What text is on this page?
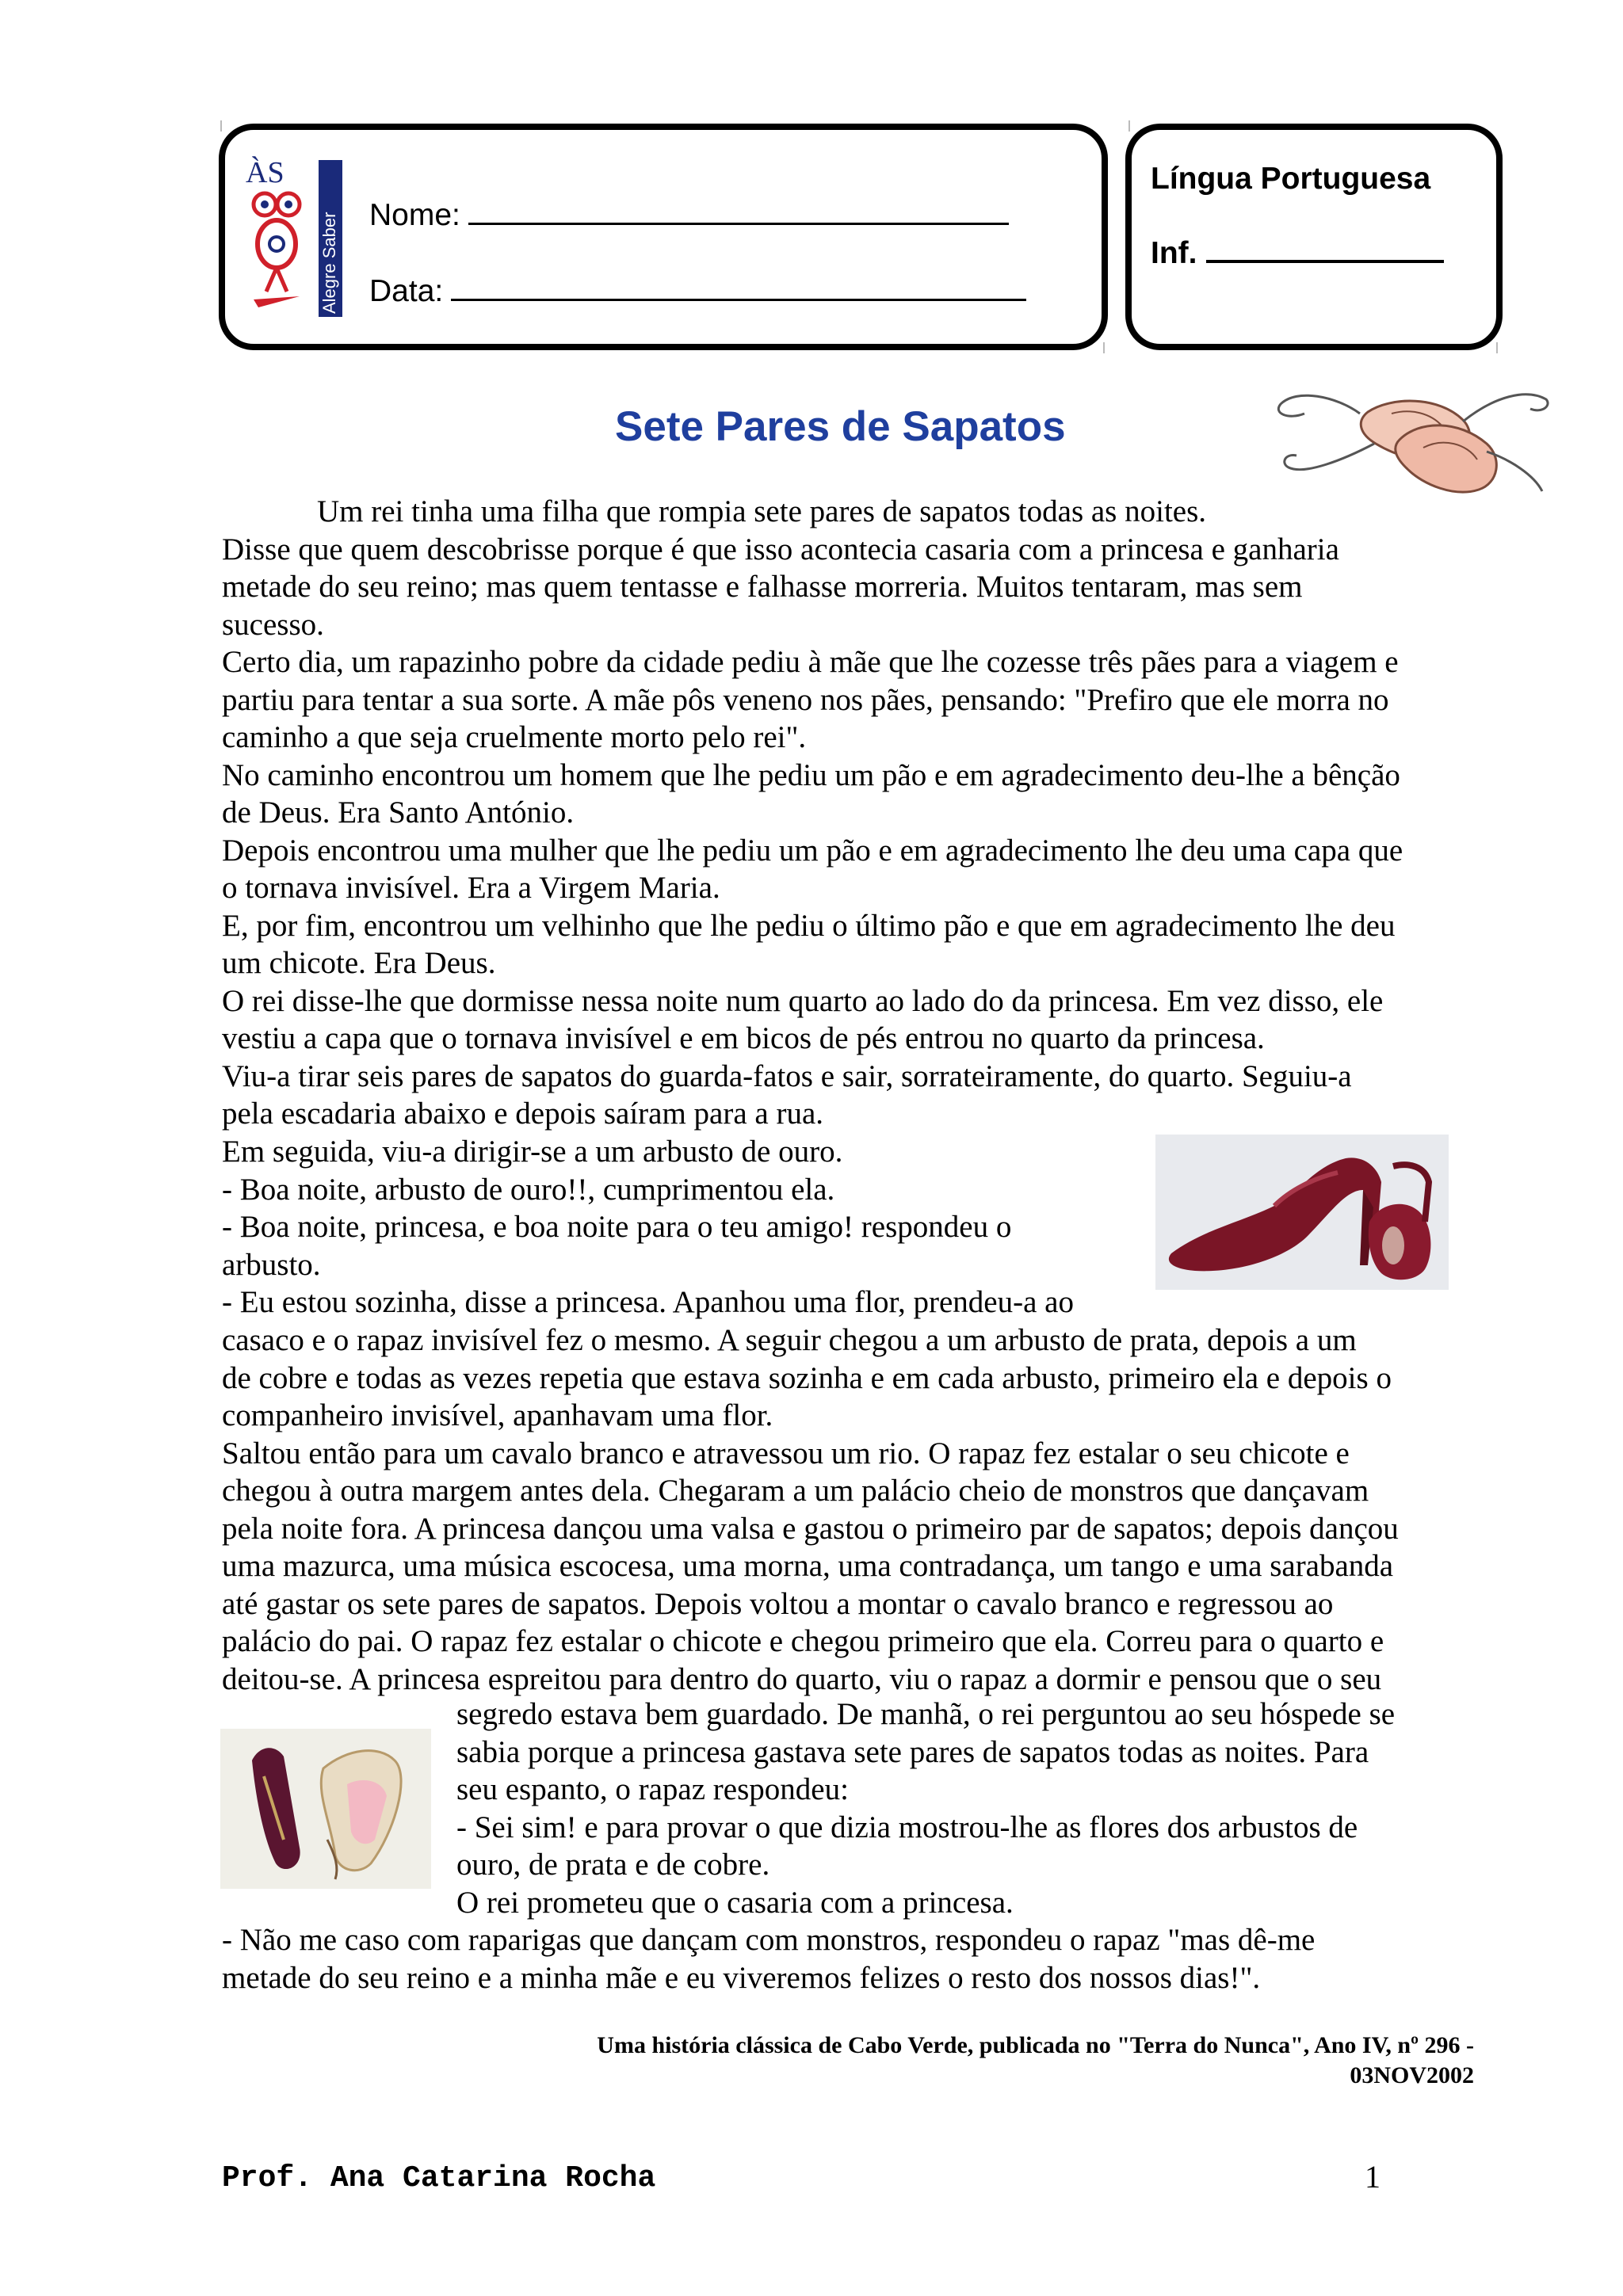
ÀS
Alegre Saber Nome:
Data:
Língua Portuguesa
Inf.
Sete Pares de Sapatos

Um rei tinha uma filha que rompia sete pares de sapatos todas as noites.

Disse que quem descobrisse porque é que isso acontecia casaria com a princesa e ganharia

metade do seu reino; mas quem tentasse e falhasse morreria. Muitos tentaram, mas sem

sucesso.

Certo dia, um rapazinho pobre da cidade pediu à mãe que lhe cozesse três pães para a viagem e

partiu para tentar a sua sorte. A mãe pôs veneno nos pães, pensando: "Prefiro que ele morra no

caminho a que seja cruelmente morto pelo rei".

No caminho encontrou um homem que lhe pediu um pão e em agradecimento deu-lhe a bênção

de Deus. Era Santo António.

Depois encontrou uma mulher que lhe pediu um pão e em agradecimento lhe deu uma capa que

o tornava invisível. Era a Virgem Maria.

E, por fim, encontrou um velhinho que lhe pediu o último pão e que em agradecimento lhe deu

um chicote. Era Deus.

O rei disse-lhe que dormisse nessa noite num quarto ao lado do da princesa. Em vez disso, ele

vestiu a capa que o tornava invisível e em bicos de pés entrou no quarto da princesa.

Viu-a tirar seis pares de sapatos do guarda-fatos e sair, sorrateiramente, do quarto. Seguiu-a

pela escadaria abaixo e depois saíram para a rua.

Em seguida, viu-a dirigir-se a um arbusto de ouro.

- Boa noite, arbusto de ouro!!, cumprimentou ela.

- Boa noite, princesa, e boa noite para o teu amigo! respondeu o

arbusto.

- Eu estou sozinha, disse a princesa. Apanhou uma flor, prendeu-a ao

casaco e o rapaz invisível fez o mesmo. A seguir chegou a um arbusto de prata, depois a um

de cobre e todas as vezes repetia que estava sozinha e em cada arbusto, primeiro ela e depois o

companheiro invisível, apanhavam uma flor.

Saltou então para um cavalo branco e atravessou um rio. O rapaz fez estalar o seu chicote e

chegou à outra margem antes dela. Chegaram a um palácio cheio de monstros que dançavam

pela noite fora. A princesa dançou uma valsa e gastou o primeiro par de sapatos; depois dançou

uma mazurca, uma música escocesa, uma morna, uma contradança, um tango e uma sarabanda

até gastar os sete pares de sapatos. Depois voltou a montar o cavalo branco e regressou ao

palácio do pai. O rapaz fez estalar o chicote e chegou primeiro que ela. Correu para o quarto e

deitou-se. A princesa espreitou para dentro do quarto, viu o rapaz a dormir e pensou que o seu

segredo estava bem guardado. De manhã, o rei perguntou ao seu hóspede se

sabia porque a princesa gastava sete pares de sapatos todas as noites. Para

seu espanto, o rapaz respondeu:

- Sei sim! e para provar o que dizia mostrou-lhe as flores dos arbustos de

ouro, de prata e de cobre.

O rei prometeu que o casaria com a princesa.

- Não me caso com raparigas que dançam com monstros, respondeu o rapaz "mas dê-me

metade do seu reino e a minha mãe e eu viveremos felizes o resto dos nossos dias!".

Uma história clássica de Cabo Verde, publicada no "Terra do Nunca", Ano IV, nº 296 -
03NOV2002
Prof. Ana Catarina Rocha	1
